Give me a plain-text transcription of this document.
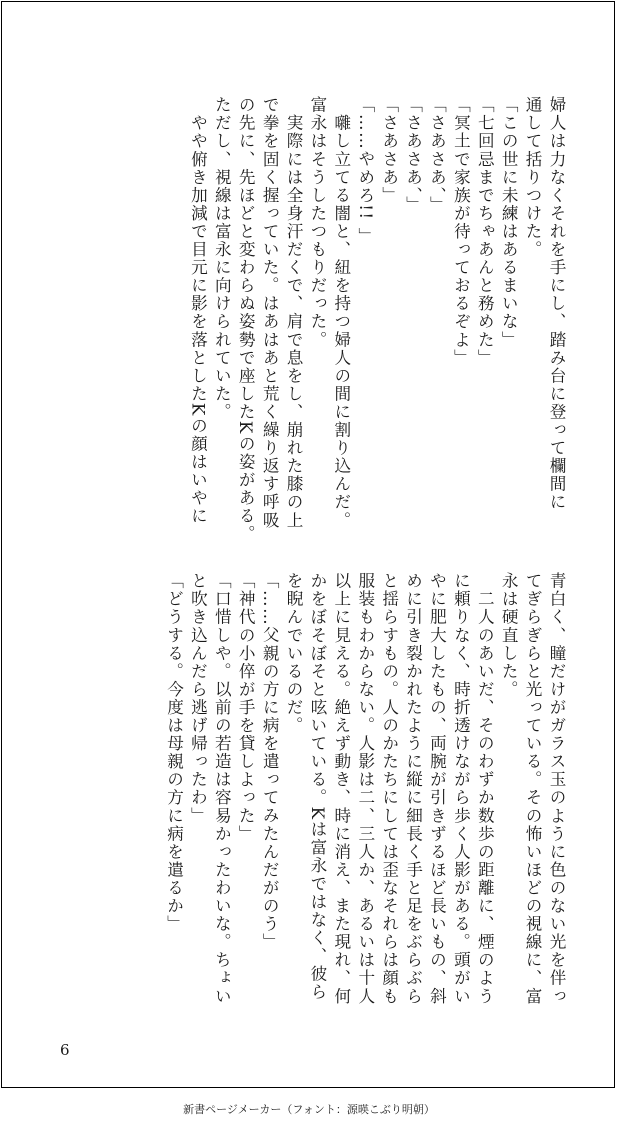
婦人は力なくそれを手にし、踏み台に登って欄間に
通して括りつけた。
「この世に未練はあるまいな」
「七回忌までちゃあんと務めた」
「冥土で家族が待っておるぞよ」
「さあさあ、」
「さあさあ、」
「さあさあ」
「……やめろ!! 」
　囃し立てる闇と、紐を持つ婦人の間に割り込んだ。
富永はそうしたつもりだった。
　実際には全身汗だくで、肩で息をし、崩れた膝の上
で拳を固く握っていた。はあはあと荒く繰り返す呼吸
の先に、先ほどと変わらぬ姿勢で座したKの姿がある。
ただし、視線は富永に向けられていた。
　やや俯き加減で目元に影を落としたKの顔はいやに
青白く、瞳だけがガラス玉のように色のない光を伴っ
てぎらぎらと光っている。その怖いほどの視線に、富
永は硬直した。
　二人のあいだ、そのわずか数歩の距離に、煙のよう
に頼りなく、時折透けながら歩く人影がある。頭がい
やに肥大したもの、両腕が引きずるほど長いもの、斜
めに引き裂かれたように縦に細長く手と足をぶらぶら
と揺らすもの。人のかたちにしては歪なそれらは顔も
服装もわからない。人影は二、三人か、あるいは十人
以上に見える。絶えず動き、時に消え、また現れ、何
かをぼそぼそと呟いている。Kは富永ではなく、彼ら
を睨んでいるのだ。
「……父親の方に病を遣ってみたんだがのう」
「神代の小倅が手を貸しよった」
「口惜しや。以前の若造は容易かったわいな。ちょい
と吹き込んだら逃げ帰ったわ」
「どうする。今度は母親の方に病を遣るか」
6
新書ページメーカー（フォント：源暎こぶり明朝）
